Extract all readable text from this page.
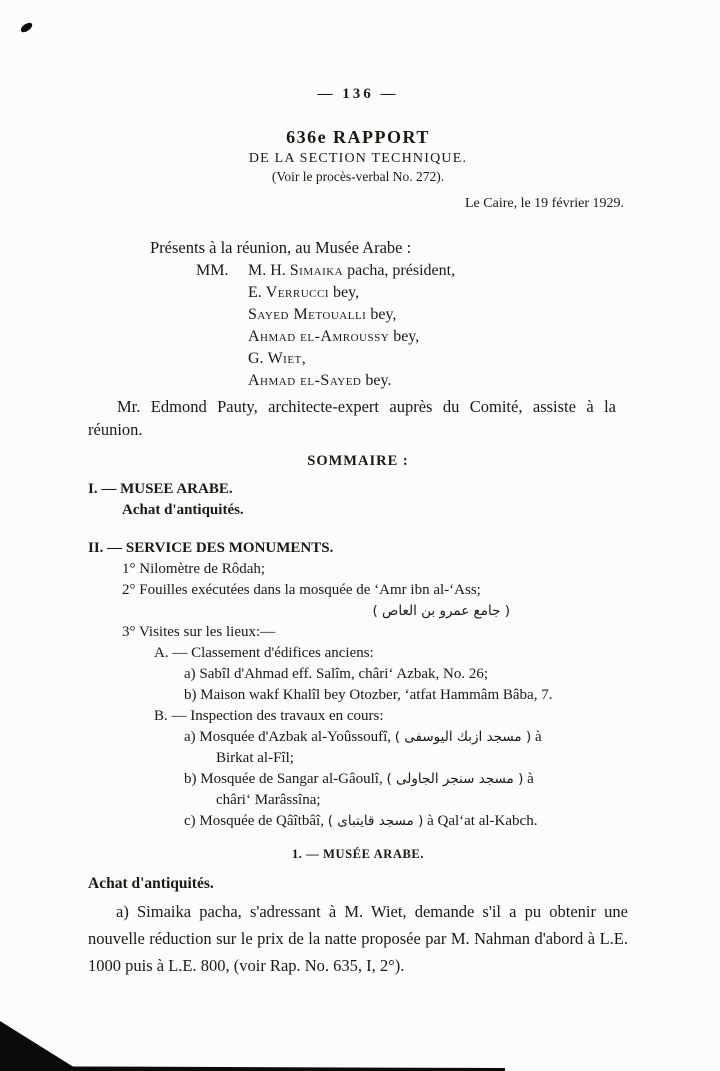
— 136 —
636e RAPPORT
DE LA SECTION TECHNIQUE.
(Voir le procès-verbal No. 272).
Le Caire, le 19 février 1929.

Présents à la réunion, au Musée Arabe :

MM. M. H. Simaika pacha, président,
E. Verrucci bey,
Sayed Metoualli bey,
Ahmad el-Amroussy bey,
G. Wiet,
Ahmad el-Sayed bey.

Mr. Edmond Pauty, architecte-expert auprès du Comité, assiste à la réunion.

SOMMAIRE :
I. — MUSEE ARABE.
Achat d'antiquités.
II. — SERVICE DES MONUMENTS.
1° Nilomètre de Rôdah;
2° Fouilles exécutées dans la mosquée de ‘Amr ibn al-‘Ass;
( جامع عمرو بن العاص )
3° Visites sur les lieux:—
A. — Classement d'édifices anciens:
a) Sabîl d'Ahmad eff. Salîm, châri‘ Azbak, No. 26;
b) Maison wakf Khalîl bey Otozber, ‘atfat Hammâm Bâba, 7.
B. — Inspection des travaux en cours:
a) Mosquée d'Azbak al-Yoûssoufî, ( مسجد ازبك اليوسفى ) à Birkat al-Fîl;
b) Mosquée de Sangar al-Gâoulî, ( مسجد سنجر الجاولى ) à châri‘ Marâssîna;
c) Mosquée de Qâîtbâî, ( مسجد قايتباى ) à Qal‘at al-Kabch.
1. — MUSÉE ARABE.
Achat d'antiquités.

a) Simaika pacha, s'adressant à M. Wiet, demande s'il a pu obtenir une nouvelle réduction sur le prix de la natte proposée par M. Nahman d'abord à L.E. 1000 puis à L.E. 800, (voir Rap. No. 635, I, 2°).
